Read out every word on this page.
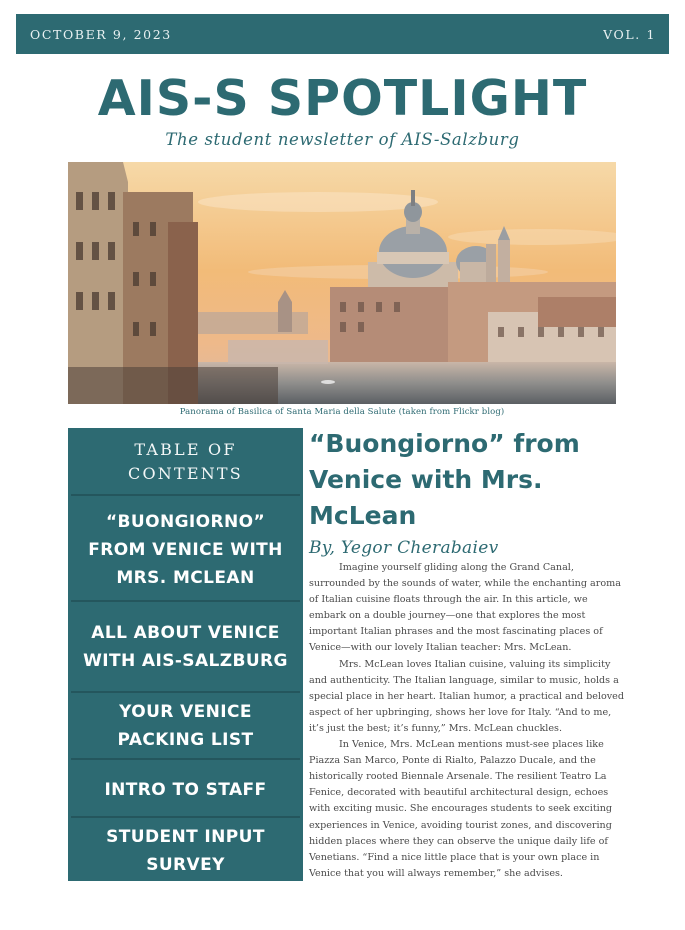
OCTOBER 9, 2023	VOL. 1
AIS-S SPOTLIGHT
The student newsletter of AIS-Salzburg
Panorama of Basilica of Santa Maria della Salute (taken from Flickr blog)
TABLE OF
CONTENTS
“BUONGIORNO”
FROM VENICE WITH
MRS. MCLEAN
ALL ABOUT VENICE
WITH AIS-SALZBURG
YOUR VENICE
PACKING LIST
INTRO TO STAFF
STUDENT INPUT
SURVEY
“Buongiorno” from
Venice with Mrs.
McLean
By, Yegor Cherabaiev

Imagine yourself gliding along the Grand Canal, surrounded by the sounds of water, while the enchanting aroma of Italian cuisine floats through the air. In this article, we embark on a double journey—one that explores the most important Italian phrases and the most fascinating places of Venice—with our lovely Italian teacher: Mrs. McLean.

Mrs. McLean loves Italian cuisine, valuing its simplicity and authenticity. The Italian language, similar to music, holds a special place in her heart. Italian humor, a practical and beloved aspect of her upbringing, shows her love for Italy. “And to me, it’s just the best; it’s funny,” Mrs. McLean chuckles.

In Venice, Mrs. McLean mentions must-see places like Piazza San Marco, Ponte di Rialto, Palazzo Ducale, and the historically rooted Biennale Arsenale. The resilient Teatro La Fenice, decorated with beautiful architectural design, echoes with exciting music. She encourages students to seek exciting experiences in Venice, avoiding tourist zones, and discovering hidden places where they can observe the unique daily life of Venetians. “Find a nice little place that is your own place in Venice that you will always remember,” she advises.
